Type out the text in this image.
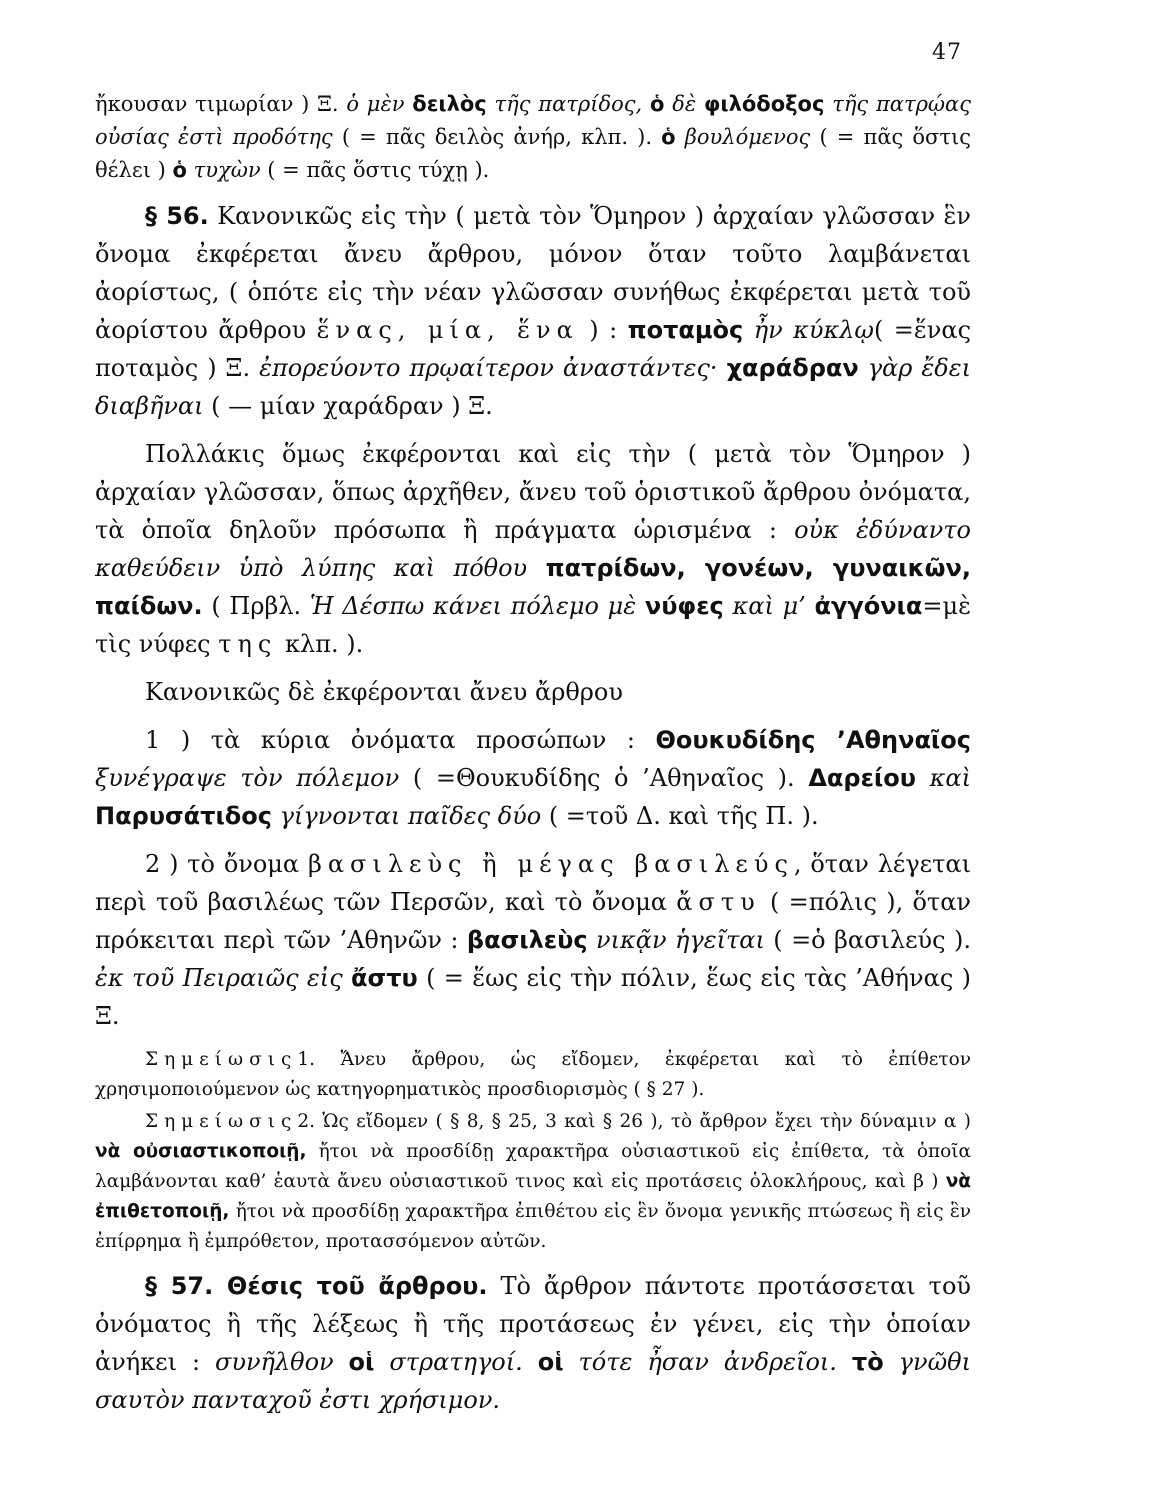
47

ἤκουσαν τιμωρίαν ) Ξ. ὁ μὲν δειλὸς τῆς πατρίδος, ὁ δὲ φιλόδοξος τῆς πατρῴας οὐσίας ἐστὶ προδότης ( = πᾶς δειλὸς ἀνήρ, κλπ. ). ὁ βουλόμενος ( = πᾶς ὅστις θέλει ) ὁ τυχὼν ( = πᾶς ὅστις τύχῃ ).

§ 56. Κανονικῶς εἰς τὴν ( μετὰ τὸν Ὅμηρον ) ἀρχαίαν γλῶσσαν ἓν ὄνομα ἐκφέρεται ἄνευ ἄρθρου, μόνον ὅταν τοῦτο λαμβάνεται ἀορίστως, ( ὁπότε εἰς τὴν νέαν γλῶσσαν συνήθως ἐκφέρεται μετὰ τοῦ ἀορίστου ἄρθρου ἕνας, μία, ἕνα ) : ποταμὸς ἦν κύκλῳ( =ἕνας ποταμὸς ) Ξ. ἐπορεύοντο πρῳαίτερον ἀναστάντες· χαράδραν γὰρ ἔδει διαβῆναι ( — μίαν χαράδραν ) Ξ.

Πολλάκις ὅμως ἐκφέρονται καὶ εἰς τὴν ( μετὰ τὸν Ὅμηρον ) ἀρχαίαν γλῶσσαν, ὅπως ἀρχῆθεν, ἄνευ τοῦ ὁριστικοῦ ἄρθρου ὀνόματα, τὰ ὁποῖα δηλοῦν πρόσωπα ἢ πράγματα ὡρισμένα : οὐκ ἐδύναντο καθεύδειν ὑπὸ λύπης καὶ πόθου πατρίδων, γονέων, γυναικῶν, παίδων. ( Πρβλ. Ἡ Δέσπω κάνει πόλεμο μὲ νύφες καὶ μ’ ἀγγόνια=μὲ τὶς νύφες της κλπ. ).

Κανονικῶς δὲ ἐκφέρονται ἄνευ ἄρθρου

1 ) τὰ κύρια ὀνόματα προσώπων : Θουκυδίδης ’Αθηναῖος ξυνέγραψε τὸν πόλεμον ( =Θουκυδίδης ὁ ’Αθηναῖος ). Δαρείου καὶ Παρυσάτιδος γίγνονται παῖδες δύο ( =τοῦ Δ. καὶ τῆς Π. ).

2 ) τὸ ὄνομα βασιλεὺς ἢ μέγας βασιλεύς, ὅταν λέγεται περὶ τοῦ βασιλέως τῶν Περσῶν, καὶ τὸ ὄνομα ἄστυ ( =πόλις ), ὅταν πρόκειται περὶ τῶν ’Αθηνῶν : βασιλεὺς νικᾷν ἡγεῖται ( =ὁ βασιλεύς ). ἐκ τοῦ Πειραιῶς εἰς ἄστυ ( = ἕως εἰς τὴν πόλιν, ἕως εἰς τὰς ’Αθήνας ) Ξ.

Σημείωσις1. Ἄνευ ἄρθρου, ὡς εἴδομεν, ἐκφέρεται καὶ τὸ ἐπίθετον χρησιμοποιούμενον ὡς κατηγορηματικὸς προσδιορισμὸς ( § 27 ).

Σημείωσις2. Ὡς εἴδομεν ( § 8, § 25, 3 καὶ § 26 ), τὸ ἄρθρον ἔχει τὴν δύναμιν α ) νὰ οὐσιαστικοποιῇ, ἤτοι νὰ προσδίδῃ χαρακτῆρα οὐσιαστικοῦ εἰς ἐπίθετα, τὰ ὁποῖα λαμβάνονται καθ’ ἑαυτὰ ἄνευ οὐσιαστικοῦ τινος καὶ εἰς προτάσεις ὁλοκλήρους, καὶ β ) νὰ ἐπιθετοποιῇ, ἤτοι νὰ προσδίδῃ χαρακτῆρα ἐπιθέτου εἰς ἓν ὄνομα γενικῆς πτώσεως ἢ εἰς ἓν ἐπίρρημα ἢ ἐμπρόθετον, προτασσόμενον αὐτῶν.

§ 57. Θέσις τοῦ ἄρθρου. Τὸ ἄρθρον πάντοτε προτάσσεται τοῦ ὀνόματος ἢ τῆς λέξεως ἢ τῆς προτάσεως ἐν γένει, εἰς τὴν ὁποίαν ἀνήκει : συνῆλθον οἱ στρατηγοί. οἱ τότε ἦσαν ἀνδρεῖοι. τὸ γνῶθι σαυτὸν πανταχοῦ ἐστι χρήσιμον.
